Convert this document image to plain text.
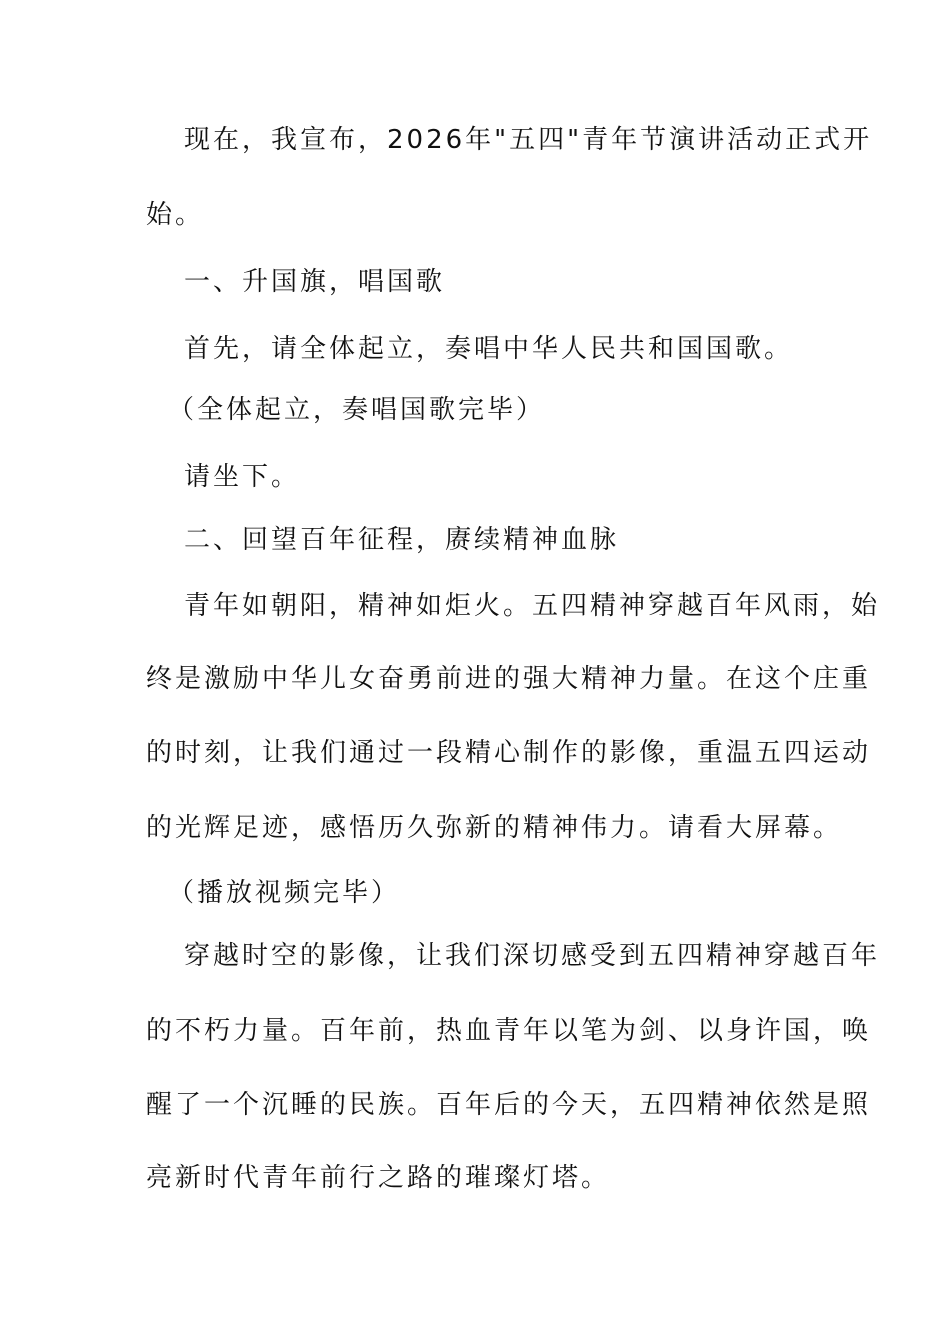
现在，我宣布，2026年"五四"青年节演讲活动正式开
始。
一、升国旗，唱国歌
首先，请全体起立，奏唱中华人民共和国国歌。
（全体起立，奏唱国歌完毕）
请坐下。
二、回望百年征程，赓续精神血脉
青年如朝阳，精神如炬火。五四精神穿越百年风雨，始
终是激励中华儿女奋勇前进的强大精神力量。在这个庄重
的时刻，让我们通过一段精心制作的影像，重温五四运动
的光辉足迹，感悟历久弥新的精神伟力。请看大屏幕。
（播放视频完毕）
穿越时空的影像，让我们深切感受到五四精神穿越百年
的不朽力量。百年前，热血青年以笔为剑、以身许国，唤
醒了一个沉睡的民族。百年后的今天，五四精神依然是照
亮新时代青年前行之路的璀璨灯塔。
